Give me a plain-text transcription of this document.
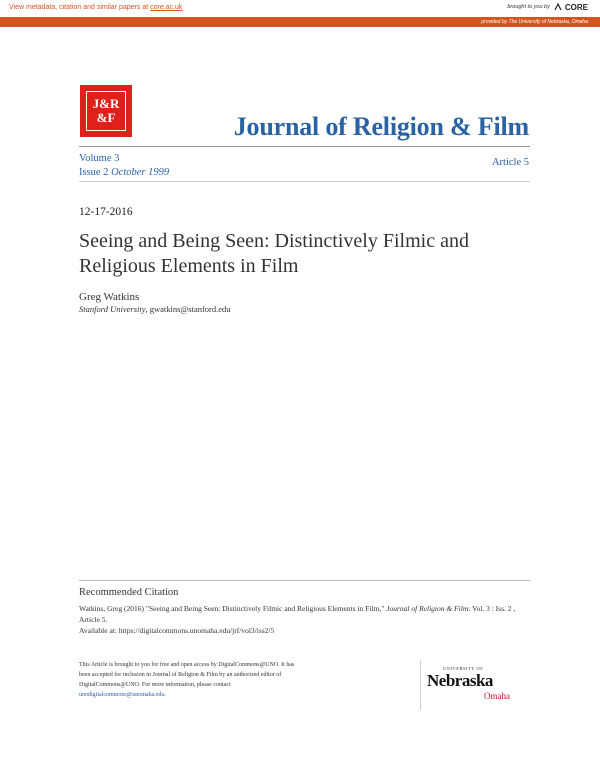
View metadata, citation and similar papers at core.ac.uk	brought to you by CORE
provided by The University of Nebraska, Omaha
J&R
&F	Journal of Religion & Film
Volume 3
Issue 2 October 1999
Article 5
12-17-2016
Seeing and Being Seen: Distinctively Filmic and Religious Elements in Film
Greg Watkins
Stanford University, gwatkins@stanford.edu
Recommended Citation
Watkins, Greg (2016) "Seeing and Being Seen: Distinctively Filmic and Religious Elements in Film," Journal of Religion & Film: Vol. 3 : Iss. 2 , Article 5.
Available at: https://digitalcommons.unomaha.edu/jrf/vol3/iss2/5
This Article is brought to you for free and open access by DigitalCommons@UNO. It has been accepted for inclusion in Journal of Religion & Film by an authorized editor of DigitalCommons@UNO. For more information, please contact unodigitalcommons@unomaha.edu.
UNIVERSITY OF
Nebraska
Omaha
